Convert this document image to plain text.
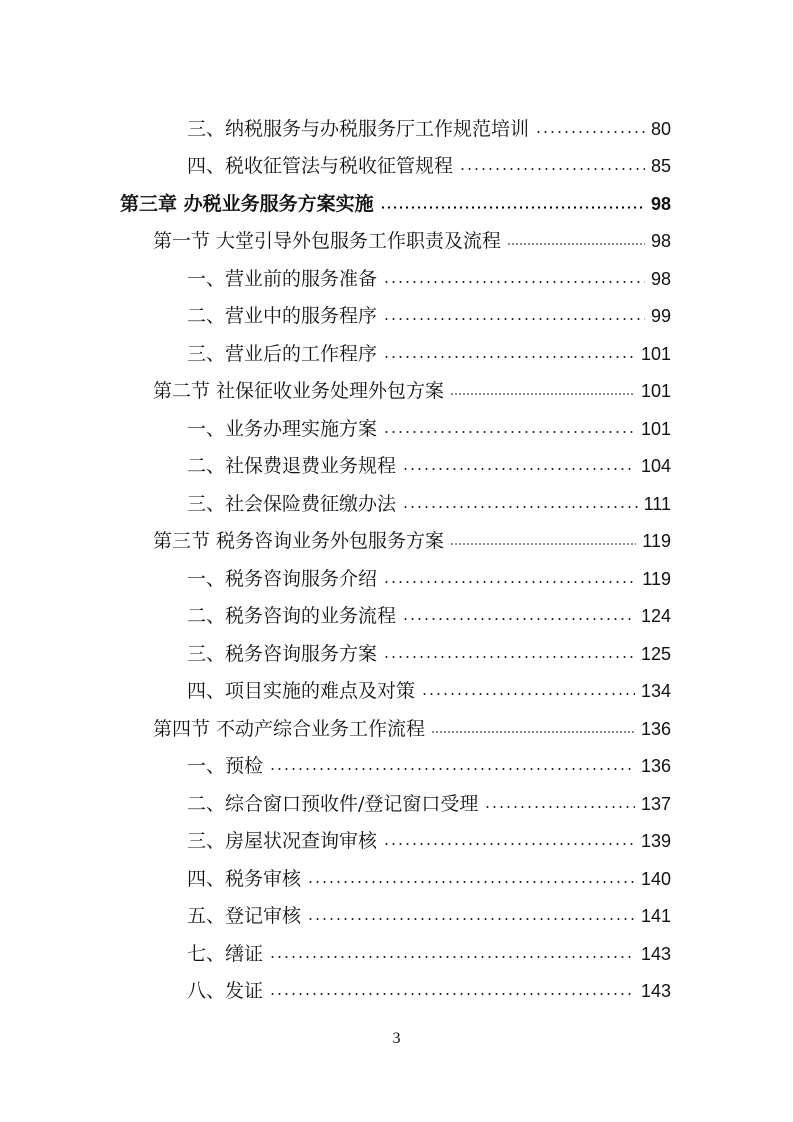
三、纳税服务与办税服务厅工作规范培训	80
四、税收征管法与税收征管规程	85
第三章 办税业务服务方案实施	98
第一节 大堂引导外包服务工作职责及流程	98
一、营业前的服务准备	98
二、营业中的服务程序	99
三、营业后的工作程序	101
第二节 社保征收业务处理外包方案	101
一、业务办理实施方案	101
二、社保费退费业务规程	104
三、社会保险费征缴办法	111
第三节 税务咨询业务外包服务方案	119
一、税务咨询服务介绍	119
二、税务咨询的业务流程	124
三、税务咨询服务方案	125
四、项目实施的难点及对策	134
第四节 不动产综合业务工作流程	136
一、预检	136
二、综合窗口预收件/登记窗口受理	137
三、房屋状况查询审核	139
四、税务审核	140
五、登记审核	141
七、缮证	143
八、发证	143
3
